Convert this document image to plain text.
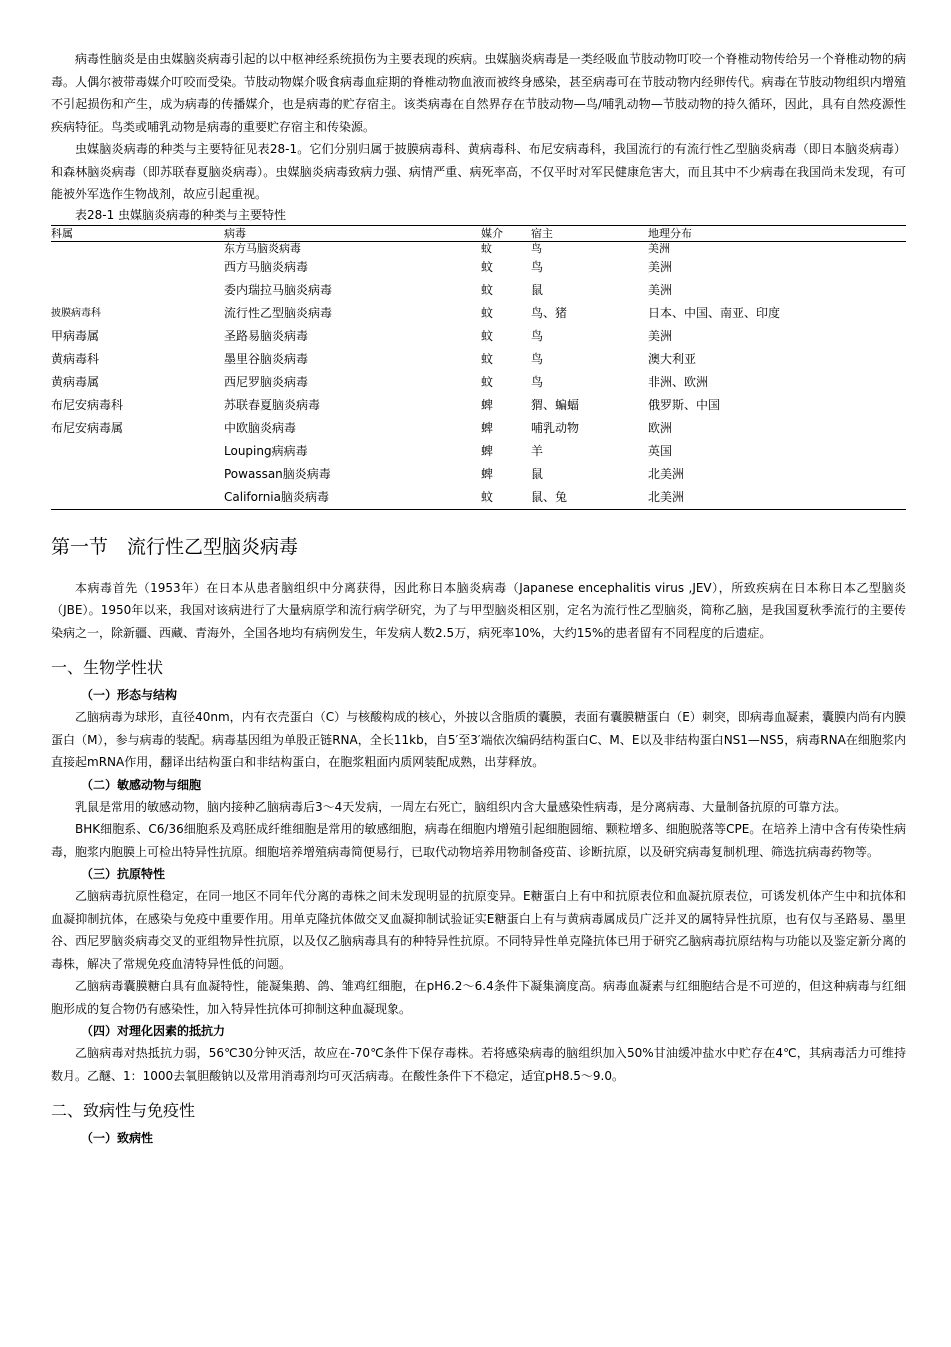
病毒性脑炎是由虫媒脑炎病毒引起的以中枢神经系统损伤为主要表现的疾病。虫媒脑炎病毒是一类经吸血节肢动物叮咬一个脊椎动物传给另一个脊椎动物的病毒。人偶尔被带毒媒介叮咬而受染。节肢动物媒介吸食病毒血症期的脊椎动物血液而被终身感染，甚至病毒可在节肢动物内经卵传代。病毒在节肢动物组织内增殖不引起损伤和产生，成为病毒的传播媒介，也是病毒的贮存宿主。该类病毒在自然界存在节肢动物—鸟/哺乳动物—节肢动物的持久循环，因此，具有自然疫源性疾病特征。鸟类或哺乳动物是病毒的重要贮存宿主和传染源。

虫媒脑炎病毒的种类与主要特征见表28-1。它们分别归属于披膜病毒科、黄病毒科、布尼安病毒科，我国流行的有流行性乙型脑炎病毒（即日本脑炎病毒）和森林脑炎病毒（即苏联春夏脑炎病毒）。虫媒脑炎病毒致病力强、病情严重、病死率高，不仅平时对军民健康危害大，而且其中不少病毒在我国尚未发现，有可能被外军选作生物战剂，故应引起重视。

表28-1 虫媒脑炎病毒的种类与主要特性
科属	病毒	媒介	宿主	地理分布
	东方马脑炎病毒	蚊	鸟	美洲
	西方马脑炎病毒	蚊	鸟	美洲
	委内瑞拉马脑炎病毒	蚊	鼠	美洲
披膜病毒科	流行性乙型脑炎病毒	蚊	鸟、猪	日本、中国、南亚、印度
甲病毒属	圣路易脑炎病毒	蚊	鸟	美洲
黄病毒科	墨里谷脑炎病毒	蚊	鸟	澳大利亚
黄病毒属	西尼罗脑炎病毒	蚊	鸟	非洲、欧洲
布尼安病毒科	苏联春夏脑炎病毒	蜱	猬、蝙蝠	俄罗斯、中国
布尼安病毒属	中欧脑炎病毒	蜱	哺乳动物	欧洲
	Louping病病毒	蜱	羊	英国
	Powassan脑炎病毒	蜱	鼠	北美洲
	California脑炎病毒	蚊	鼠、兔	北美洲
第一节　流行性乙型脑炎病毒

本病毒首先（1953年）在日本从患者脑组织中分离获得，因此称日本脑炎病毒（Japanese encephalitis virus ,JEV），所致疾病在日本称日本乙型脑炎（JBE）。1950年以来，我国对该病进行了大量病原学和流行病学研究，为了与甲型脑炎相区别，定名为流行性乙型脑炎，简称乙脑，是我国夏秋季流行的主要传染病之一，除新疆、西藏、青海外，全国各地均有病例发生，年发病人数2.5万，病死率10%，大约15%的患者留有不同程度的后遗症。

一、生物学性状
（一）形态与结构

乙脑病毒为球形，直径40nm，内有衣壳蛋白（C）与核酸构成的核心，外披以含脂质的囊膜，表面有囊膜糖蛋白（E）刺突，即病毒血凝素，囊膜内尚有内膜蛋白（M），参与病毒的装配。病毒基因组为单股正链RNA，全长11kb，自5′至3′端依次编码结构蛋白C、M、E以及非结构蛋白NS1—NS5，病毒RNA在细胞浆内直接起mRNA作用，翻译出结构蛋白和非结构蛋白，在胞浆粗面内质网装配成熟，出芽释放。

（二）敏感动物与细胞

乳鼠是常用的敏感动物，脑内接种乙脑病毒后3～4天发病，一周左右死亡，脑组织内含大量感染性病毒，是分离病毒、大量制备抗原的可靠方法。

BHK细胞系、C6/36细胞系及鸡胚成纤维细胞是常用的敏感细胞，病毒在细胞内增殖引起细胞圆缩、颗粒增多、细胞脱落等CPE。在培养上清中含有传染性病毒，胞浆内胞膜上可检出特异性抗原。细胞培养增殖病毒简便易行，已取代动物培养用物制备疫苗、诊断抗原，以及研究病毒复制机理、筛选抗病毒药物等。

（三）抗原特性

乙脑病毒抗原性稳定，在同一地区不同年代分离的毒株之间未发现明显的抗原变异。E糖蛋白上有中和抗原表位和血凝抗原表位，可诱发机体产生中和抗体和血凝抑制抗体，在感染与免疫中重要作用。用单克隆抗体做交叉血凝抑制试验证实E糖蛋白上有与黄病毒属成员广泛并叉的属特异性抗原，也有仅与圣路易、墨里谷、西尼罗脑炎病毒交叉的亚组物异性抗原，以及仅乙脑病毒具有的种特异性抗原。不同特异性单克隆抗体已用于研究乙脑病毒抗原结构与功能以及鉴定新分离的毒株，解决了常规免疫血清特异性低的问题。

乙脑病毒囊膜糖白具有血凝特性，能凝集鹅、鸽、雏鸡红细胞，在pH6.2～6.4条件下凝集滴度高。病毒血凝素与红细胞结合是不可逆的，但这种病毒与红细胞形成的复合物仍有感染性，加入特异性抗体可抑制这种血凝现象。

（四）对理化因素的抵抗力

乙脑病毒对热抵抗力弱，56℃30分钟灭活，故应在-70℃条件下保存毒株。若将感染病毒的脑组织加入50%甘油缓冲盐水中贮存在4℃，其病毒活力可维持数月。乙醚、1：1000去氧胆酸钠以及常用消毒剂均可灭活病毒。在酸性条件下不稳定，适宜pH8.5～9.0。

二、致病性与免疫性
（一）致病性
